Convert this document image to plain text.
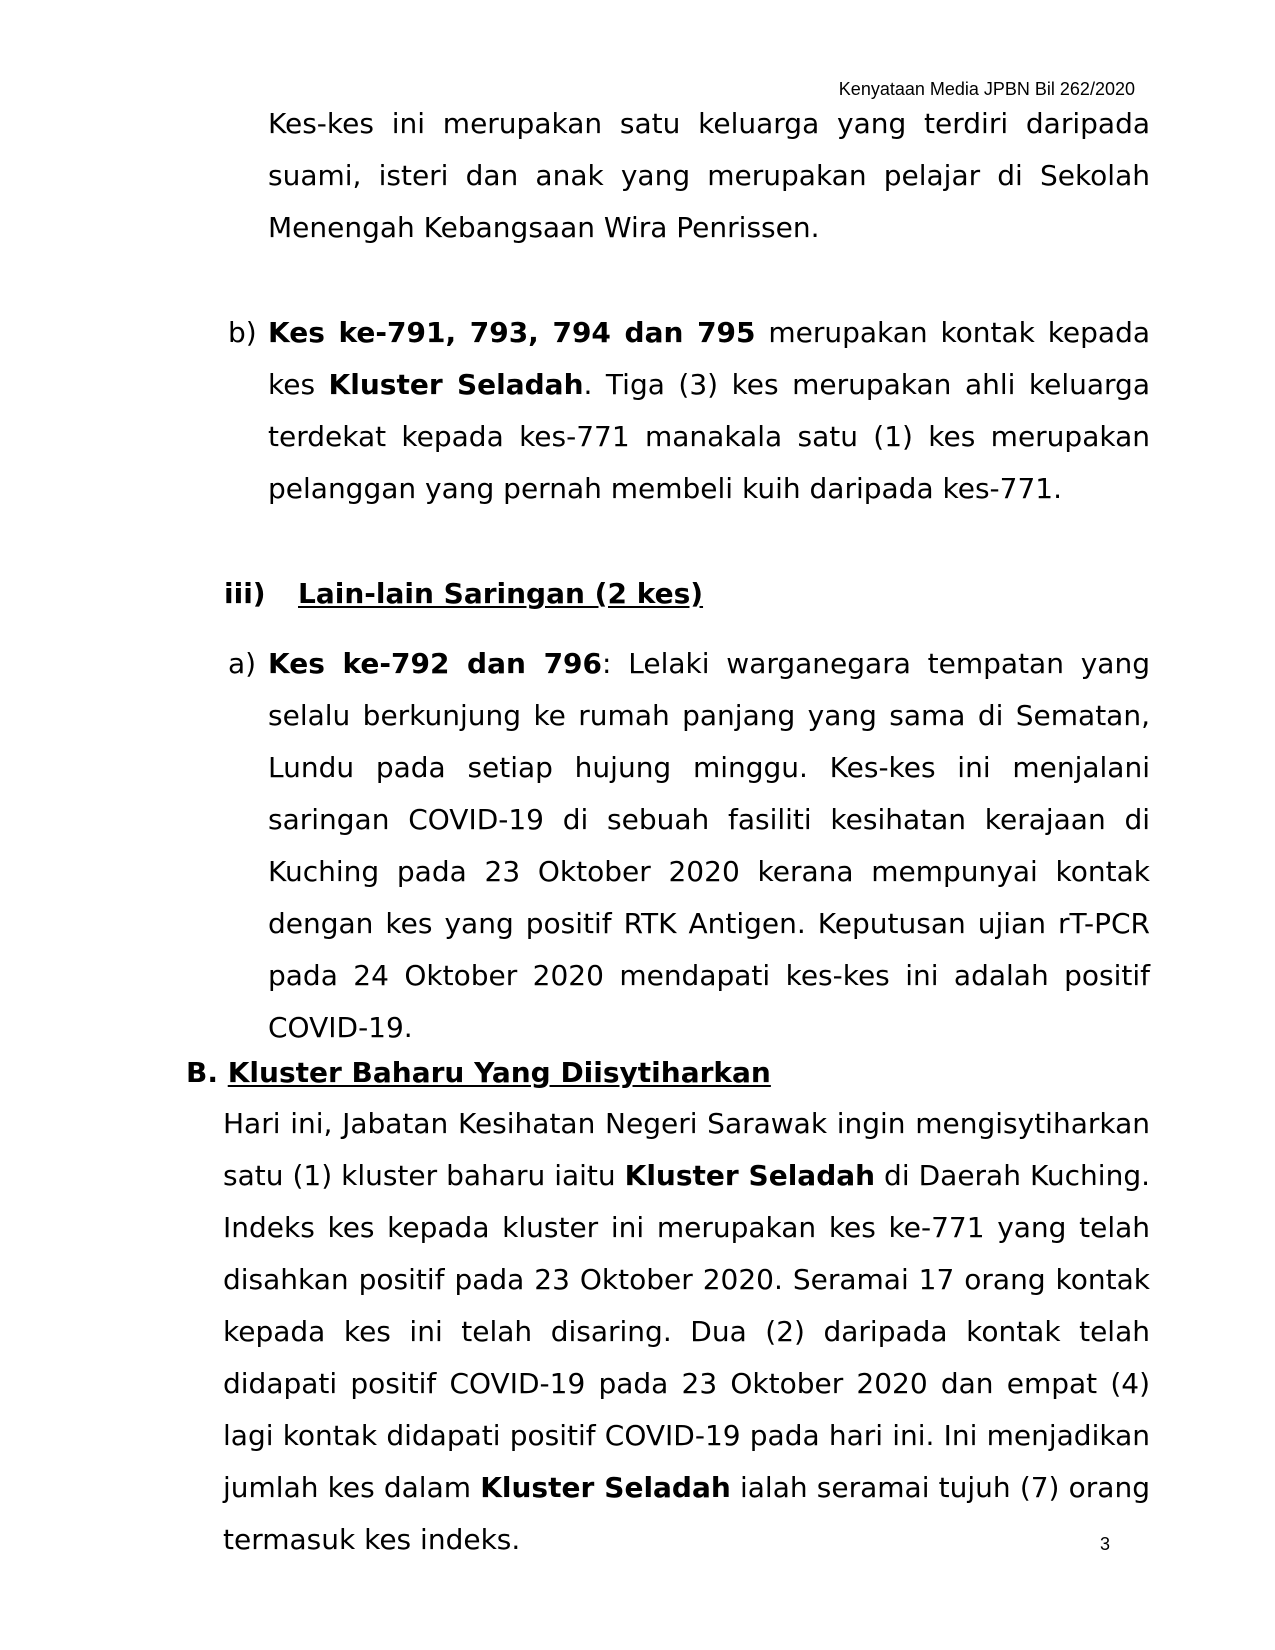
Kenyataan Media JPBN Bil 262/2020

Kes-kes ini merupakan satu keluarga yang terdiri daripada suami, isteri dan anak yang merupakan pelajar di Sekolah Menengah Kebangsaan Wira Penrissen.

b) Kes ke-791, 793, 794 dan 795 merupakan kontak kepada kes Kluster Seladah. Tiga (3) kes merupakan ahli keluarga terdekat kepada kes-771 manakala satu (1) kes merupakan pelanggan yang pernah membeli kuih daripada kes-771.

iii) Lain-lain Saringan (2 kes)
a) Kes ke-792 dan 796: Lelaki warganegara tempatan yang selalu berkunjung ke rumah panjang yang sama di Sematan, Lundu pada setiap hujung minggu. Kes-kes ini menjalani saringan COVID-19 di sebuah fasiliti kesihatan kerajaan di Kuching pada 23 Oktober 2020 kerana mempunyai kontak dengan kes yang positif RTK Antigen. Keputusan ujian rT-PCR pada 24 Oktober 2020 mendapati kes-kes ini adalah positif COVID-19.

B. Kluster Baharu Yang Diisytiharkan

Hari ini, Jabatan Kesihatan Negeri Sarawak ingin mengisytiharkan satu (1) kluster baharu iaitu Kluster Seladah di Daerah Kuching. Indeks kes kepada kluster ini merupakan kes ke-771 yang telah disahkan positif pada 23 Oktober 2020. Seramai 17 orang kontak kepada kes ini telah disaring. Dua (2) daripada kontak telah didapati positif COVID-19 pada 23 Oktober 2020 dan empat (4) lagi kontak didapati positif COVID-19 pada hari ini. Ini menjadikan jumlah kes dalam Kluster Seladah ialah seramai tujuh (7) orang termasuk kes indeks.	3
